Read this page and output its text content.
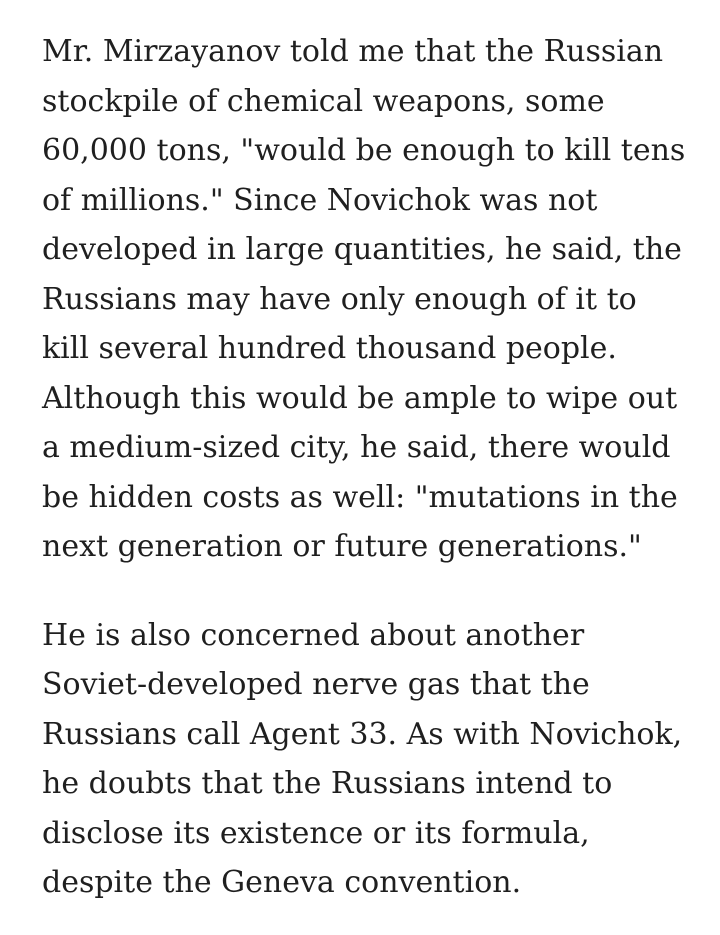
Mr. Mirzayanov told me that the Russian
stockpile of chemical weapons, some
60,000 tons, "would be enough to kill tens
of millions." Since Novichok was not
developed in large quantities, he said, the
Russians may have only enough of it to
kill several hundred thousand people.
Although this would be ample to wipe out
a medium-sized city, he said, there would
be hidden costs as well: "mutations in the
next generation or future generations."
He is also concerned about another
Soviet-developed nerve gas that the
Russians call Agent 33. As with Novichok,
he doubts that the Russians intend to
disclose its existence or its formula,
despite the Geneva convention.
